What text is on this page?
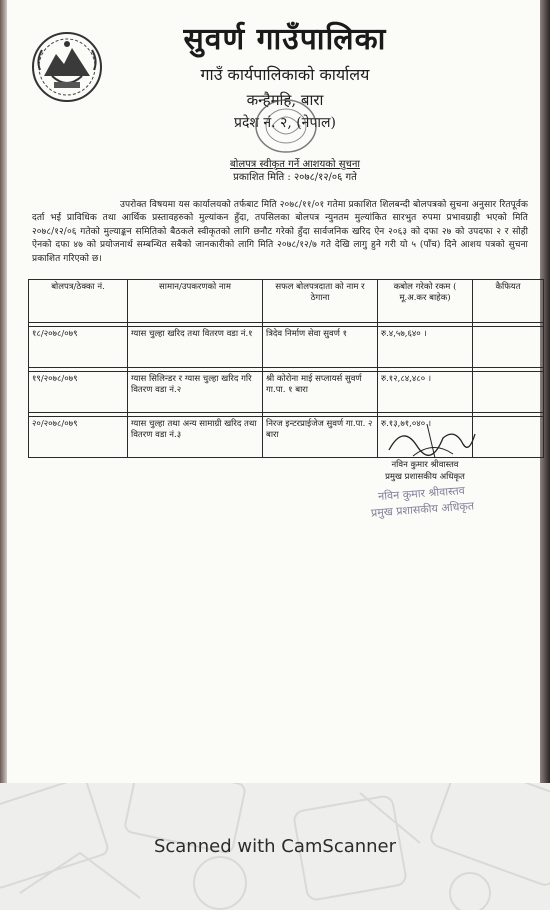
सुवर्ण गाउँपालिका
गाउँ कार्यपालिकाको कार्यालय
कन्हैमहि, बारा
प्रदेश नं. २, (नेपाल)
बोलपत्र स्वीकृत गर्ने आशयको सुचना
प्रकाशित मिति : २०७८/१२/०६ गते
उपरोक्त विषयमा यस कार्यालयको तर्फबाट मिति २०७८/११/०१ गतेमा प्रकाशित शिलबन्दी बोलपत्रको सुचना अनुसार रितपूर्वक दर्ता भई प्राविधिक तथा आर्थिक प्रस्तावहरुको मुल्यांकन हुँदा, तपसिलका बोलपत्र न्युनतम मुल्यांकित सारभुत रुपमा प्रभावग्राही भएको मिति २०७८/१२/०६ गतेको मुल्याङ्कन समितिको बैठकले स्वीकृतको लागि छनौट गरेको हुँदा सार्वजनिक खरिद ऐन २०६३ को दफा २७ को उपदफा २ र सोही ऐनको दफा ४७ को प्रयोजनार्थ सम्बन्धित सबैको जानकारीको लागि मिति २०७८/१२/७ गते देखि लागु हुने गरी यो ५ (पाँच) दिने आशय पत्रको सुचना प्रकाशित गरिएको छ।
बोलपत्र/ठेक्का नं.	सामान/उपकरणको नाम	सफल बोलपत्रदाता को नाम र ठेगाना	कबोल गरेको रकम ( मू.अ.कर बाहेक)	कैफियत

१८/२०७८/०७९	ग्यास चुल्हा खरिद तथा वितरण वडा नं.१	त्रिदेव निर्माण सेवा सुवर्ण १	रु.४,५७,६४० ।	

१९/२०७८/०७९	ग्यास सिलिन्डर र ग्यास चुल्हा खरिद गरि वितरण वडा नं.२	श्री कोरोना माई सप्लायर्स सुवर्ण गा.पा. १ बारा	रु.१२,८४,४८० ।	

२०/२०७८/०७९	ग्यास चुल्हा तथा अन्य सामाग्री खरिद तथा वितरण वडा नं.३	निरज इन्टरप्राईजेज सुवर्ण गा.पा. २ बारा	रु.१३,७१,०४० ।	
नविन कुमार श्रीवास्तव
प्रमुख प्रशासकीय अधिकृत
नविन कुमार श्रीवास्तव
प्रमुख प्रशासकीय अधिकृत
Scanned with CamScanner
